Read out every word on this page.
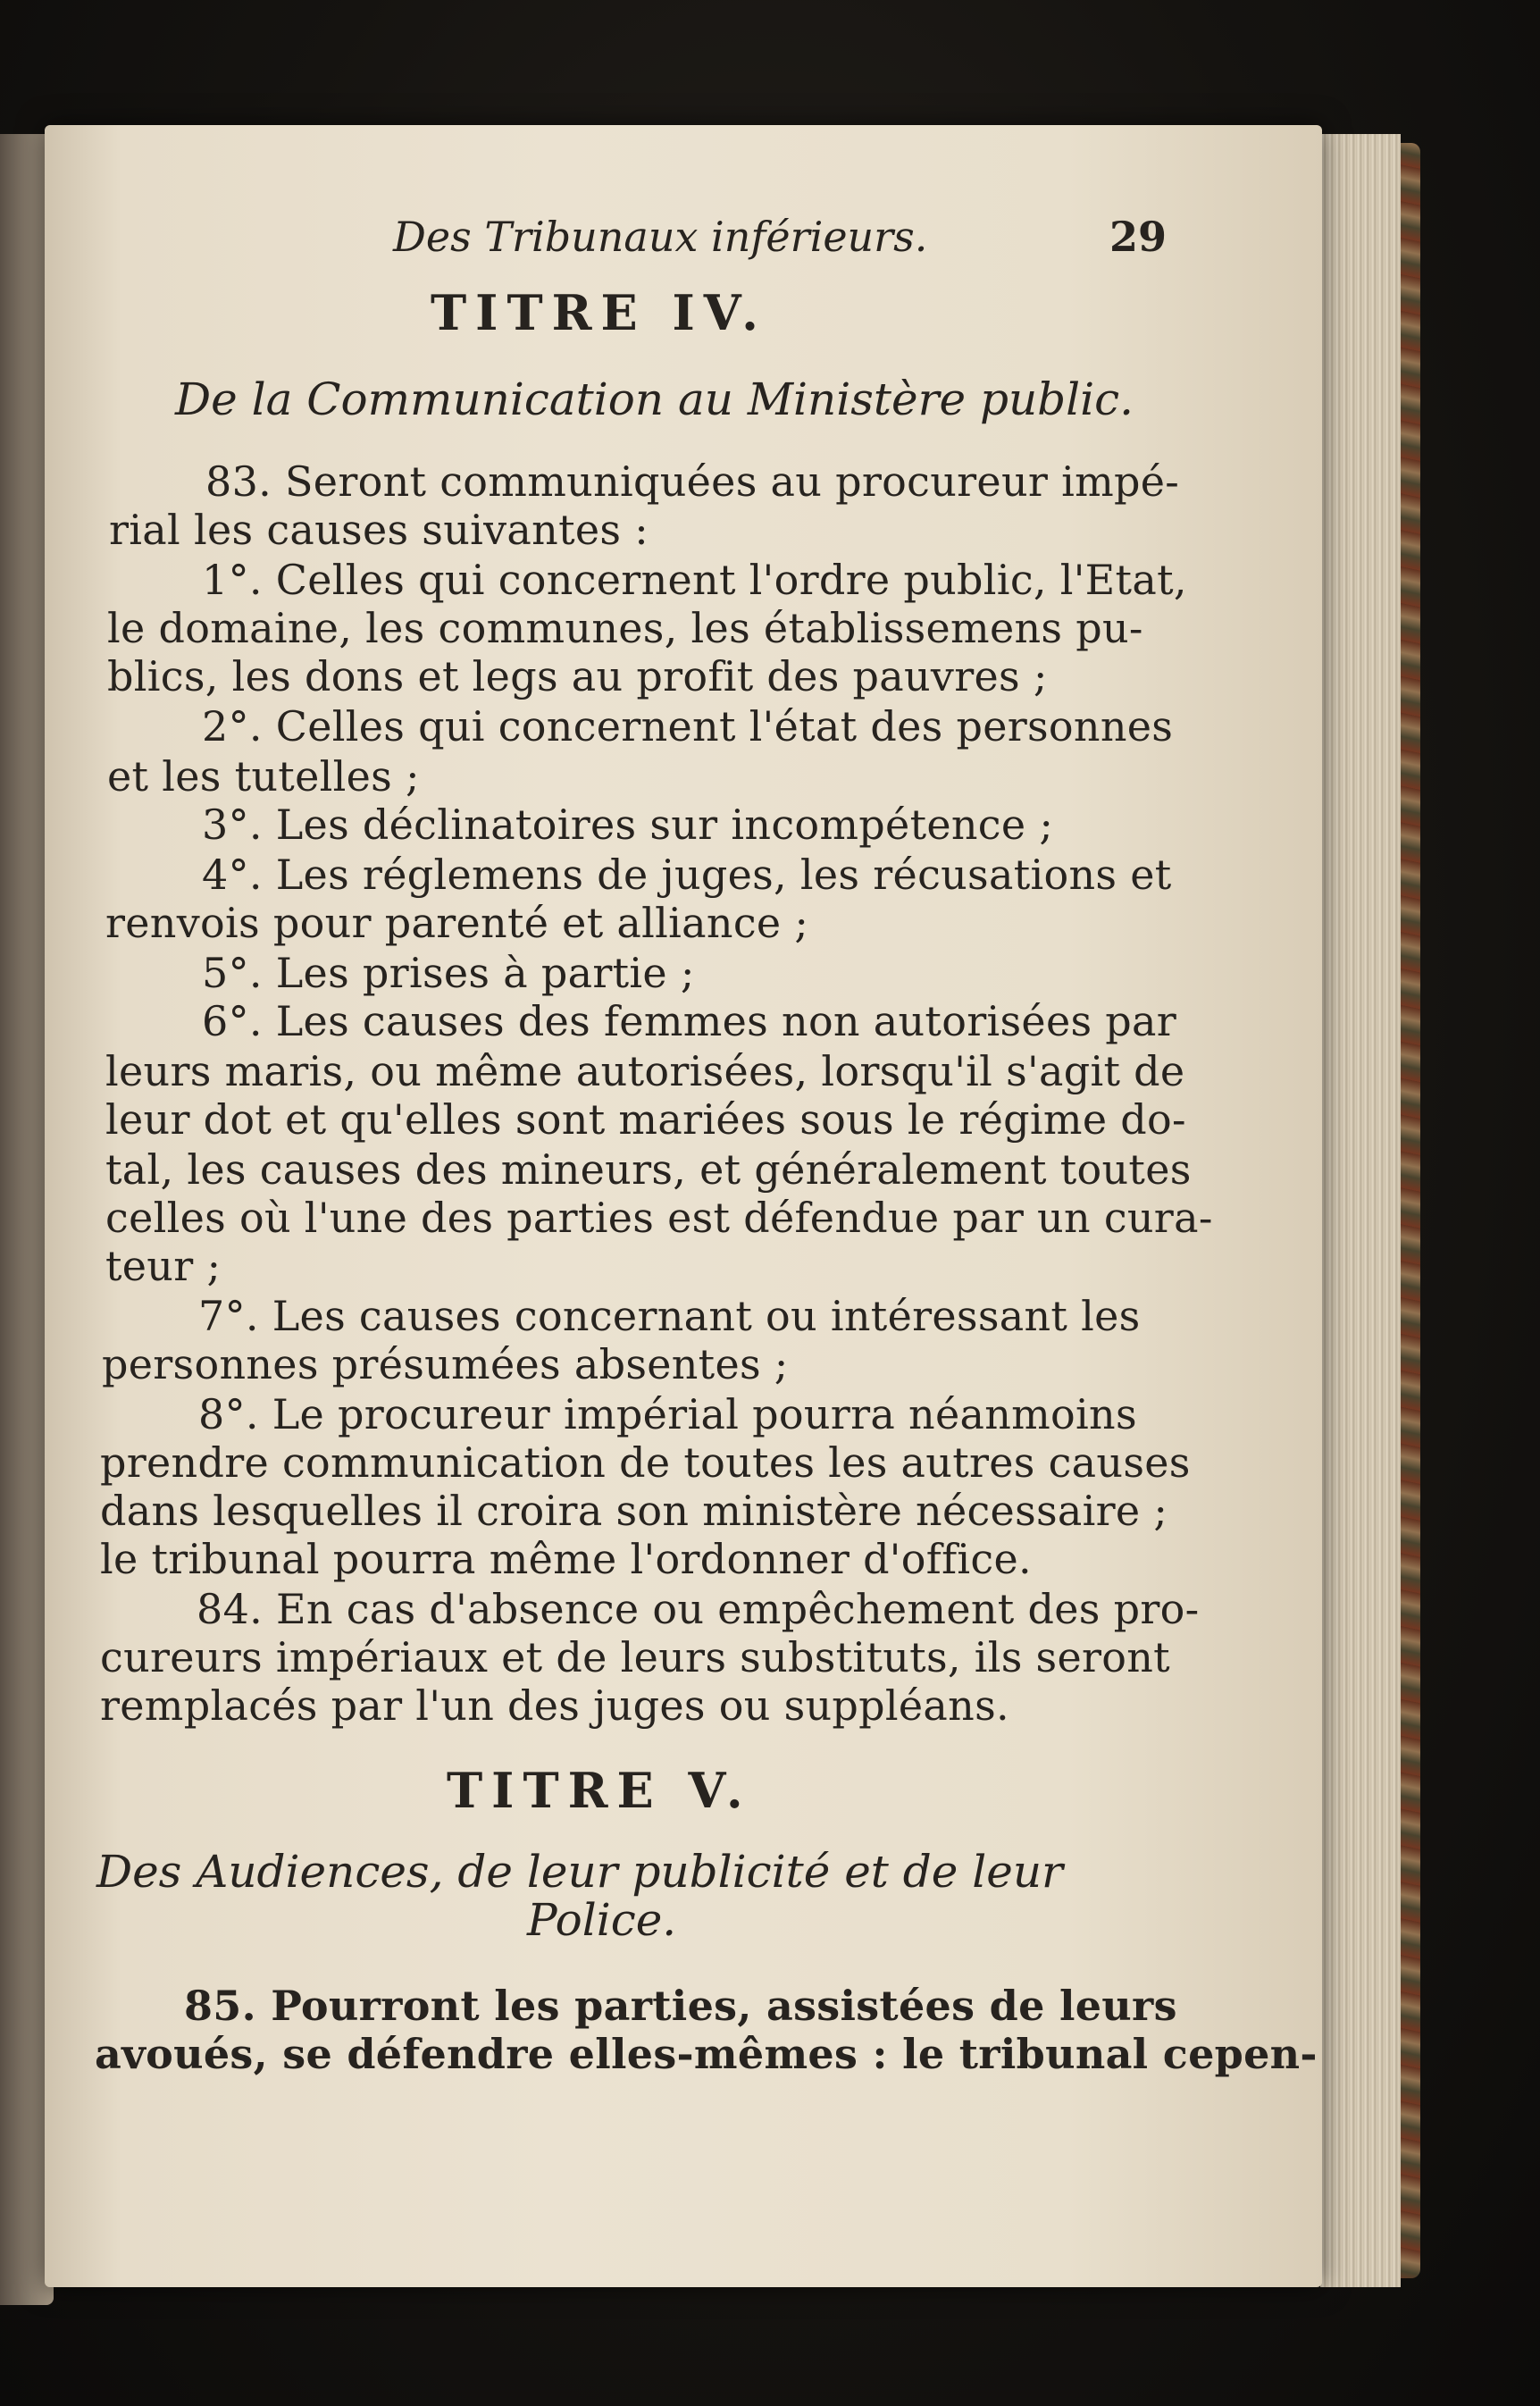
Des Tribunaux inférieurs.	29
TITRE IV.
De la Communication au Ministère public.
83. Seront communiquées au procureur impé-
rial les causes suivantes :
1°. Celles qui concernent l'ordre public, l'Etat,
le domaine, les communes, les établissemens pu-
blics, les dons et legs au profit des pauvres ;
2°. Celles qui concernent l'état des personnes
et les tutelles ;
3°. Les déclinatoires sur incompétence ;
4°. Les réglemens de juges, les récusations et
renvois pour parenté et alliance ;
5°. Les prises à partie ;
6°. Les causes des femmes non autorisées par
leurs maris, ou même autorisées, lorsqu'il s'agit de
leur dot et qu'elles sont mariées sous le régime do-
tal, les causes des mineurs, et généralement toutes
celles où l'une des parties est défendue par un cura-
teur ;
7°. Les causes concernant ou intéressant les
personnes présumées absentes ;
8°. Le procureur impérial pourra néanmoins
prendre communication de toutes les autres causes
dans lesquelles il croira son ministère nécessaire ;
le tribunal pourra même l'ordonner d'office.
84. En cas d'absence ou empêchement des pro-
cureurs impériaux et de leurs substituts, ils seront
remplacés par l'un des juges ou suppléans.
TITRE V.
Des Audiences, de leur publicité et de leur
Police.
85. Pourront les parties, assistées de leurs
avoués, se défendre elles-mêmes : le tribunal cepen-
